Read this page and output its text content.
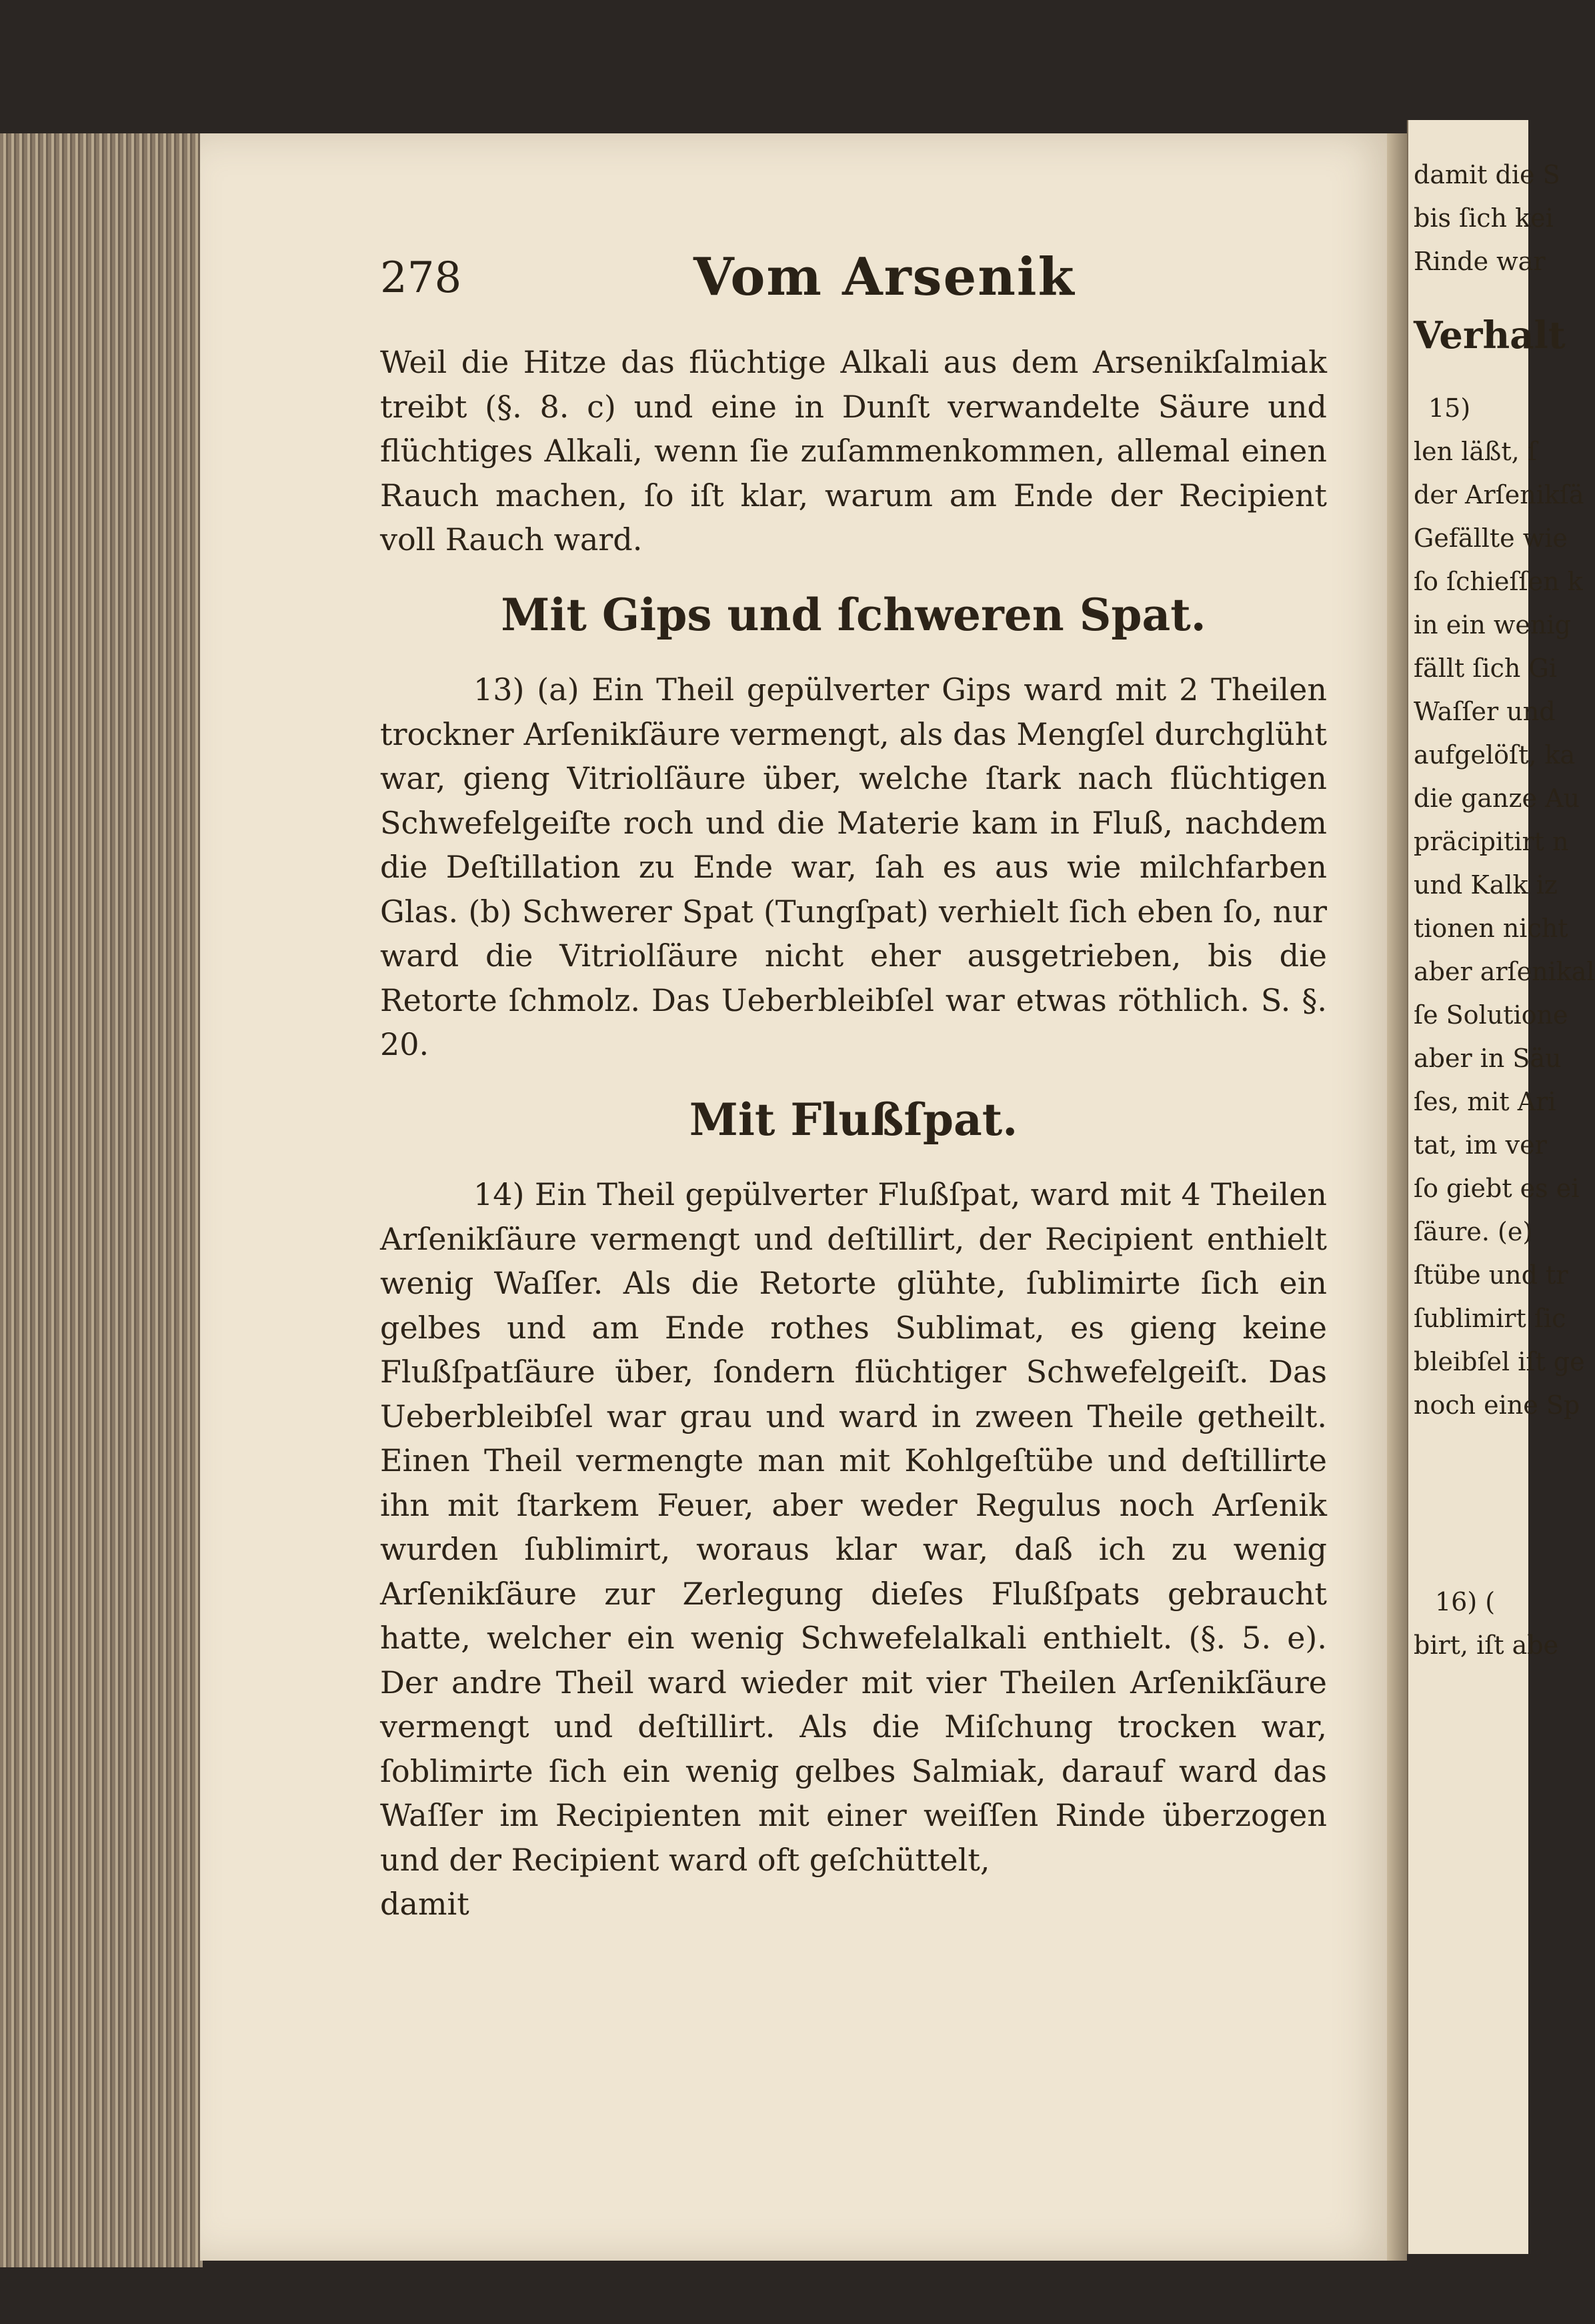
278	Vom Arsenik

Weil die Hitze das flüchtige Alkali aus dem Arsenikſalmiak treibt (§. 8. c) und eine in Dunſt verwandelte Säure und flüchtiges Alkali, wenn ſie zuſammenkommen, allemal einen Rauch machen, ſo iſt klar, warum am Ende der Recipient voll Rauch ward.

Mit Gips und ſchweren Spat.

13) (a) Ein Theil gepülverter Gips ward mit 2 Theilen trockner Arſenikſäure vermengt, als das Mengſel durchglüht war, gieng Vitriolſäure über, welche ſtark nach flüchtigen Schwefelgeiſte roch und die Materie kam in Fluß, nachdem die Deſtillation zu Ende war, ſah es aus wie milchfarben Glas. (b) Schwerer Spat (Tungſpat) verhielt ſich eben ſo, nur ward die Vitriolſäure nicht eher ausgetrieben, bis die Retorte ſchmolz. Das Ueberbleibſel war etwas röthlich. S. §. 20.

Mit Flußſpat.

14) Ein Theil gepülverter Flußſpat, ward mit 4 Theilen Arſenikſäure vermengt und deſtillirt, der Recipient enthielt wenig Waſſer. Als die Retorte glühte, ſublimirte ſich ein gelbes und am Ende rothes Sublimat, es gieng keine Flußſpatſäure über, ſondern flüchtiger Schwefelgeiſt. Das Ueberbleibſel war grau und ward in zween Theile getheilt. Einen Theil vermengte man mit Kohlgeſtübe und deſtillirte ihn mit ſtarkem Feuer, aber weder Regulus noch Arſenik wurden ſublimirt, woraus klar war, daß ich zu wenig Arſenikſäure zur Zerlegung dieſes Flußſpats gebraucht hatte, welcher ein wenig Schwefelalkali enthielt. (§. 5. e). Der andre Theil ward wieder mit vier Theilen Arſenikſäure vermengt und deſtillirt. Als die Miſchung trocken war, ſoblimirte ſich ein wenig gelbes Salmiak, darauf ward das Waſſer im Recipienten mit einer weiſſen Rinde überzogen und der Recipient ward oft geſchüttelt,

damit

damit die S
bis ſich kei
Rinde war
Verhalt
15)
len läßt, ſ
der Arſenikſä
Gefällte wie
ſo ſchieſſen k
in ein wenig
fällt ſich Gi
Waſſer und
aufgelöſt, ka
die ganze Au
präcipitirt n
und Kalk iz
tionen nicht
aber arſenikal
ſe Solutione
aber in Säu
ſes, mit Ari
tat, im ver
ſo giebt es ei
ſäure. (e)
ſtübe und tr
ſublimirt ſic
bleibſel iſt ge
noch eine Sp
16) (
birt, iſt abe
